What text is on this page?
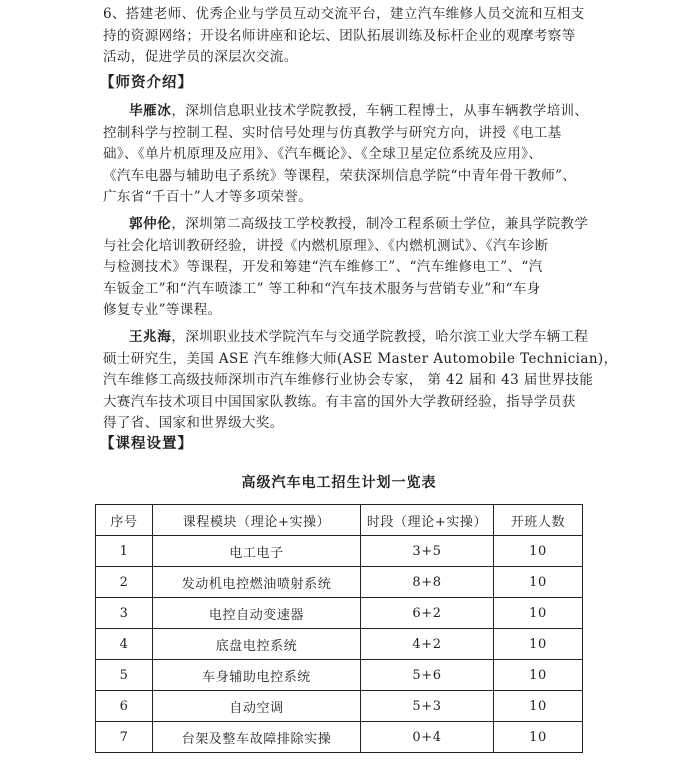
6、搭建老师、优秀企业与学员互动交流平台，建立汽车维修人员交流和互相支
持的资源网络；开设名师讲座和论坛、团队拓展训练及标杆企业的观摩考察等
活动，促进学员的深层次交流。
【师资介绍】
毕雁冰，深圳信息职业技术学院教授，车辆工程博士，从事车辆教学培训、
控制科学与控制工程、实时信号处理与仿真教学与研究方向，讲授《电工基
础》、《单片机原理及应用》、《汽车概论》、《全球卫星定位系统及应用》、
《汽车电器与辅助电子系统》等课程，荣获深圳信息学院“中青年骨干教师”、
广东省“千百十”人才等多项荣誉。
郭仲伦，深圳第二高级技工学校教授，制冷工程系硕士学位，兼具学院教学
与社会化培训教研经验，讲授《内燃机原理》、《内燃机测试》、《汽车诊断
与检测技术》等课程，开发和筹建“汽车维修工”、“汽车维修电工”、“汽
车钣金工”和“汽车喷漆工” 等工种和“汽车技术服务与营销专业”和“车身
修复专业”等课程。
王兆海，深圳职业技术学院汽车与交通学院教授，哈尔滨工业大学车辆工程
硕士研究生，美国 ASE 汽车维修大师(ASE Master Automobile Technician)，
汽车维修工高级技师深圳市汽车维修行业协会专家， 第 42 届和 43 届世界技能
大赛汽车技术项目中国国家队教练。有丰富的国外大学教研经验，指导学员获
得了省、国家和世界级大奖。
【课程设置】
高级汽车电工招生计划一览表
序号	课程模块（理论+实操）	时段（理论+实操）	开班人数
1	电工电子	3+5	10
2	发动机电控燃油喷射系统	8+8	10
3	电控自动变速器	6+2	10
4	底盘电控系统	4+2	10
5	车身辅助电控系统	5+6	10
6	自动空调	5+3	10
7	台架及整车故障排除实操	0+4	10
